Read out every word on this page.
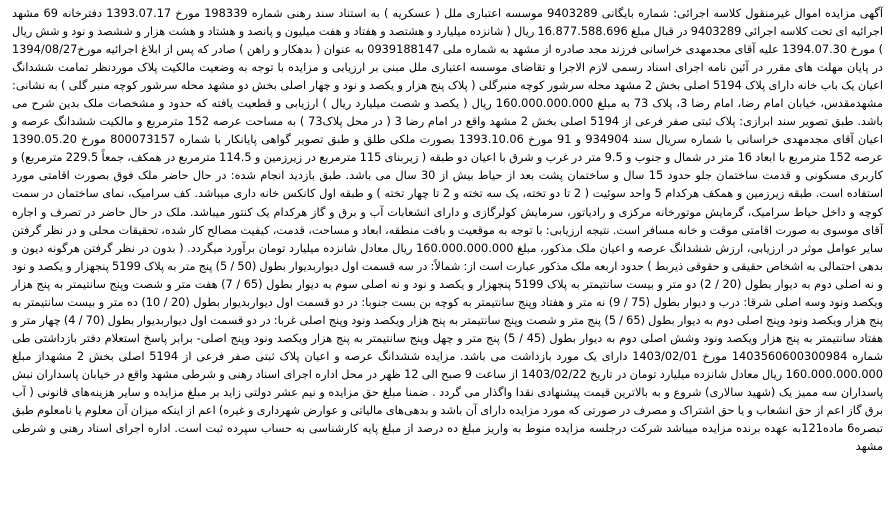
آگهی مزایده اموال غیرمنقول کلاسه اجرائی: شماره بایگانی 9403289 موسسه اعتباری ملل ( عسکریه ) به استناد سند رهنی شماره 198339 مورخ 1393.07.17 دفترخانه 69 مشهد اجرائیه ای تحت کلاسه اجرائی 9403289 در قبال مبلغ 16.877.588.696 ریال ( شانزده میلیارد و هشتصد و هفتاد و هفت میلیون و پانصد و هشتاد و هشت هزار و ششصد و نود و شش ریال ) مورخ 1394.07.30 علیه آقای مجدمهدی خراسانی فرزند مجد صادره از مشهد به شماره ملی 0939188147 به عنوان ( بدهکار و راهن ) صادر که پس از ابلاغ اجرائیه مورخ1394/08/27 در پایان مهلت های مقرر در آئین نامه اجرای اسناد رسمی لازم الاجرا و تقاضای موسسه اعتباری ملل مبنی بر ارزیابی و مزایده با توجه به وضعیت مالکیت پلاک موردنظر تمامت ششدانگ اعیان یک باب خانه دارای پلاک 5194 اصلی بخش 2 مشهد محله سرشور کوچه منبرگلی ( پلاک پنج هزار و یکصد و نود و چهار اصلی بخش دو مشهد محله سرشور کوچه منبر گلی ) به نشانی: مشهدمقدس، خیابان امام رضا، امام رضا 3، پلاک 73 به مبلغ 160.000.000.000 ریال ( یکصد و شصت میلیارد ریال ) ارزیابی و قطعیت یافته که حدود و مشخصات ملک بدین شرح می باشد. طبق تصویر سند ابرازی: پلاک ثبتی صفر فرعی از 5194 اصلی بخش 2 مشهد واقع در امام رضا 3 ( در محل پلاک73 ) به مساحت عرصه 152 مترمربع و مالکیت ششدانگ عرصه و اعیان آقای مجدمهدی خراسانی با شماره سریال سند 934904 و 91 مورخ 1393.10.06 بصورت ملکی طلق و طبق تصویر گواهی پایانکار با شماره 800073157 مورخ 1390.05.20 عرصه 152 مترمربع با ابعاد 16 متر در شمال و جنوب و 9.5 متر در غرب و شرق با اعیان دو طبقه ( زیربنای 115 مترمربع در زیرزمین و 114.5 مترمربع در همکف، جمعاً 229.5 مترمربع) و کاربری مسکونی و قدمت ساختمان جلو حدود 15 سال و ساختمان پشت بعد از حیاط بیش از 30 سال می باشد. طبق بازدید انجام شده: در حال حاضر ملک فوق بصورت اقامتی مورد استفاده است. طبقه زیرزمین و همکف هرکدام 5 واحد سوئیت ( 2 تا دو تخته، یک سه تخته و 2 تا چهار تخته ) و طبقه اول کانکس خانه داری میباشد. کف سرامیک، نمای ساختمان در سمت کوچه و داخل حیاط سرامیک، گرمایش موتورخانه مرکزی و رادیاتور، سرمایش کولرگازی و دارای انشعابات آب و برق و گاز هرکدام یک کنتور میباشد. ملک در حال حاضر در تصرف و اجاره آقای موسوی به صورت اقامتی موقت و خانه مسافر است. نتیجه ارزیابی: با توجه به موقعیت و بافت منطقه، ابعاد و مساحت، قدمت، کیفیت مصالح کار شده، تحقیقات محلی و در نظر گرفتن سایر عوامل موثر در ارزیابی، ارزش ششدانگ عرصه و اعیان ملک مذکور، مبلغ 160.000.000.000 ریال معادل شانزده میلیارد تومان برآورد میگردد. ( بدون در نظر گرفتن هرگونه دیون و بدهی احتمالی به اشخاص حقیقی و حقوقی ذیربط ) حدود اربعه ملک مذکور عبارت است از: شمالاً: در سه قسمت اول دیواربدیوار بطول (50 / 5) پنج متر به پلاک 5199 پنجهزار و یکصد و نود و نه اصلی دوم به دیوار بطول (20 / 2) دو متر و بیست سانتیمتر به پلاک 5199 پنجهزار و یکصد و نود و نه اصلی سوم به دیوار بطول (65 / 7) هفت متر و شصت وپنج سانتیمتر به پنج هزار ویکصد ونود وسه اصلی شرقا: درب و دیوار بطول (75 / 9) نه متر و هفتاد وپنج سانتیمتر به کوچه بن بست جنوبا: در دو قسمت اول دیواربدیوار بطول (20 / 10) ده متر و بیست سانتیمتر به پنج هزار ویکصد ونود وپنج اصلی دوم به دیوار بطول (65 / 5) پنج متر و شصت وپنج سانتیمتر به پنج هزار ویکصد ونود وپنج اصلی غربا: در دو قسمت اول دیواربدیوار بطول (70 / 4) چهار متر و هفتاد سانتیمتر به پنج هزار ویکصد ونود وشش اصلی دوم به دیوار بطول (45 / 5) پنج متر و چهل وپنج سانتیمتر به پنج هزار ویکصد ونود وپنج اصلی- برابر پاسخ استعلام دفتر بازداشتی طی شماره 1403560600300984 مورخ 1403/02/01 دارای یک مورد بازداشت می باشد. مزایده ششدانگ عرصه و اعیان پلاک ثبتی صفر فرعی از 5194 اصلی بخش 2 مشهداز مبلغ 160.000.000.000 ریال معادل شانزده میلیارد تومان در تاریخ 1403/02/22 از ساعت 9 صبح الی 12 ظهر در محل اداره اجرای اسناد رهنی و شرطی مشهد واقع در خیابان پاسداران نبش پاسداران سه ممیز یک (شهید سالاری) شروع و به بالاترین قیمت پیشنهادی نقدا واگذار می گردد . ضمنا مبلغ حق مزایده و نیم عشر دولتی زاید بر مبلغ مزایده و سایر هزینه‌های قانونی ( آب برق گاز اعم از حق انشعاب و یا حق اشتراک و مصرف در صورتی که مورد مزایده دارای آن باشد و بدهی‌های مالیاتی و عوارض شهرداری و غیره) اعم از اینکه میزان آن معلوم یا نامعلوم طبق تبصره6 ماده121به عهده برنده مزایده میباشد شرکت درجلسه مزایده منوط به واریز مبلغ ده درصد از مبلغ پایه کارشناسی به حساب سپرده ثبت است. اداره اجرای اسناد رهنی و شرطی مشهد
